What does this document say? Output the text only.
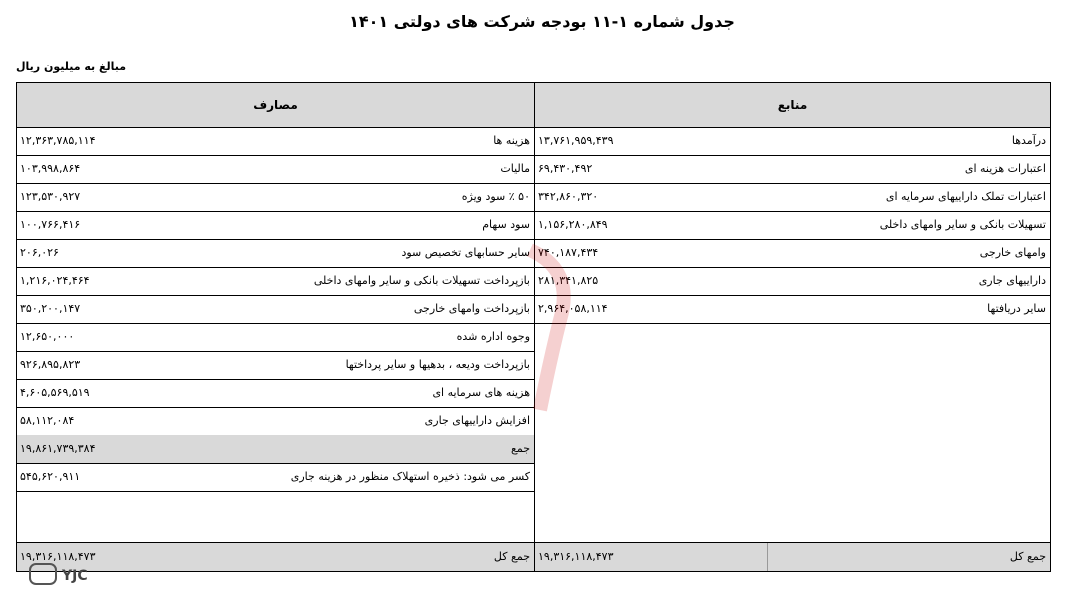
جدول شماره ۱-۱۱ بودجه شرکت های دولتی ۱۴۰۱
مبالغ به میلیون ریال
مصارف
هزینه ها
۱۲,۳۶۳,۷۸۵,۱۱۴
مالیات
۱۰۳,۹۹۸,۸۶۴
۵۰ ٪ سود ویژه
۱۲۳,۵۳۰,۹۲۷
سود سهام
۱۰۰,۷۶۶,۴۱۶
سایر حسابهای تخصیص سود
۲۰۶,۰۲۶
بازپرداخت تسهیلات بانکی و سایر وامهای داخلی
۱,۲۱۶,۰۲۴,۴۶۴
بازپرداخت وامهای خارجی
۳۵۰,۲۰۰,۱۴۷
وجوه اداره شده
۱۲,۶۵۰,۰۰۰
بازپرداخت ودیعه ، بدهیها و سایر پرداختها
۹۲۶,۸۹۵,۸۲۳
هزینه های سرمایه ای
۴,۶۰۵,۵۶۹,۵۱۹
افزایش داراییهای جاری
۵۸,۱۱۲,۰۸۴
جمع
۱۹,۸۶۱,۷۳۹,۳۸۴
کسر می شود: ذخیره استهلاک منظور در هزینه جاری
۵۴۵,۶۲۰,۹۱۱
جمع کل
۱۹,۳۱۶,۱۱۸,۴۷۳
منابع
درآمدها
۱۳,۷۶۱,۹۵۹,۴۳۹
اعتبارات هزینه ای
۶۹,۴۳۰,۴۹۲
اعتبارات تملک داراییهای سرمایه ای
۳۴۲,۸۶۰,۳۲۰
تسهیلات بانکی و سایر وامهای داخلی
۱,۱۵۶,۲۸۰,۸۴۹
وامهای خارجی
۷۴۰,۱۸۷,۴۳۴
داراییهای جاری
۲۸۱,۳۴۱,۸۲۵
سایر دریافتها
۲,۹۶۴,۰۵۸,۱۱۴
جمع کل
۱۹,۳۱۶,۱۱۸,۴۷۳
YJC
